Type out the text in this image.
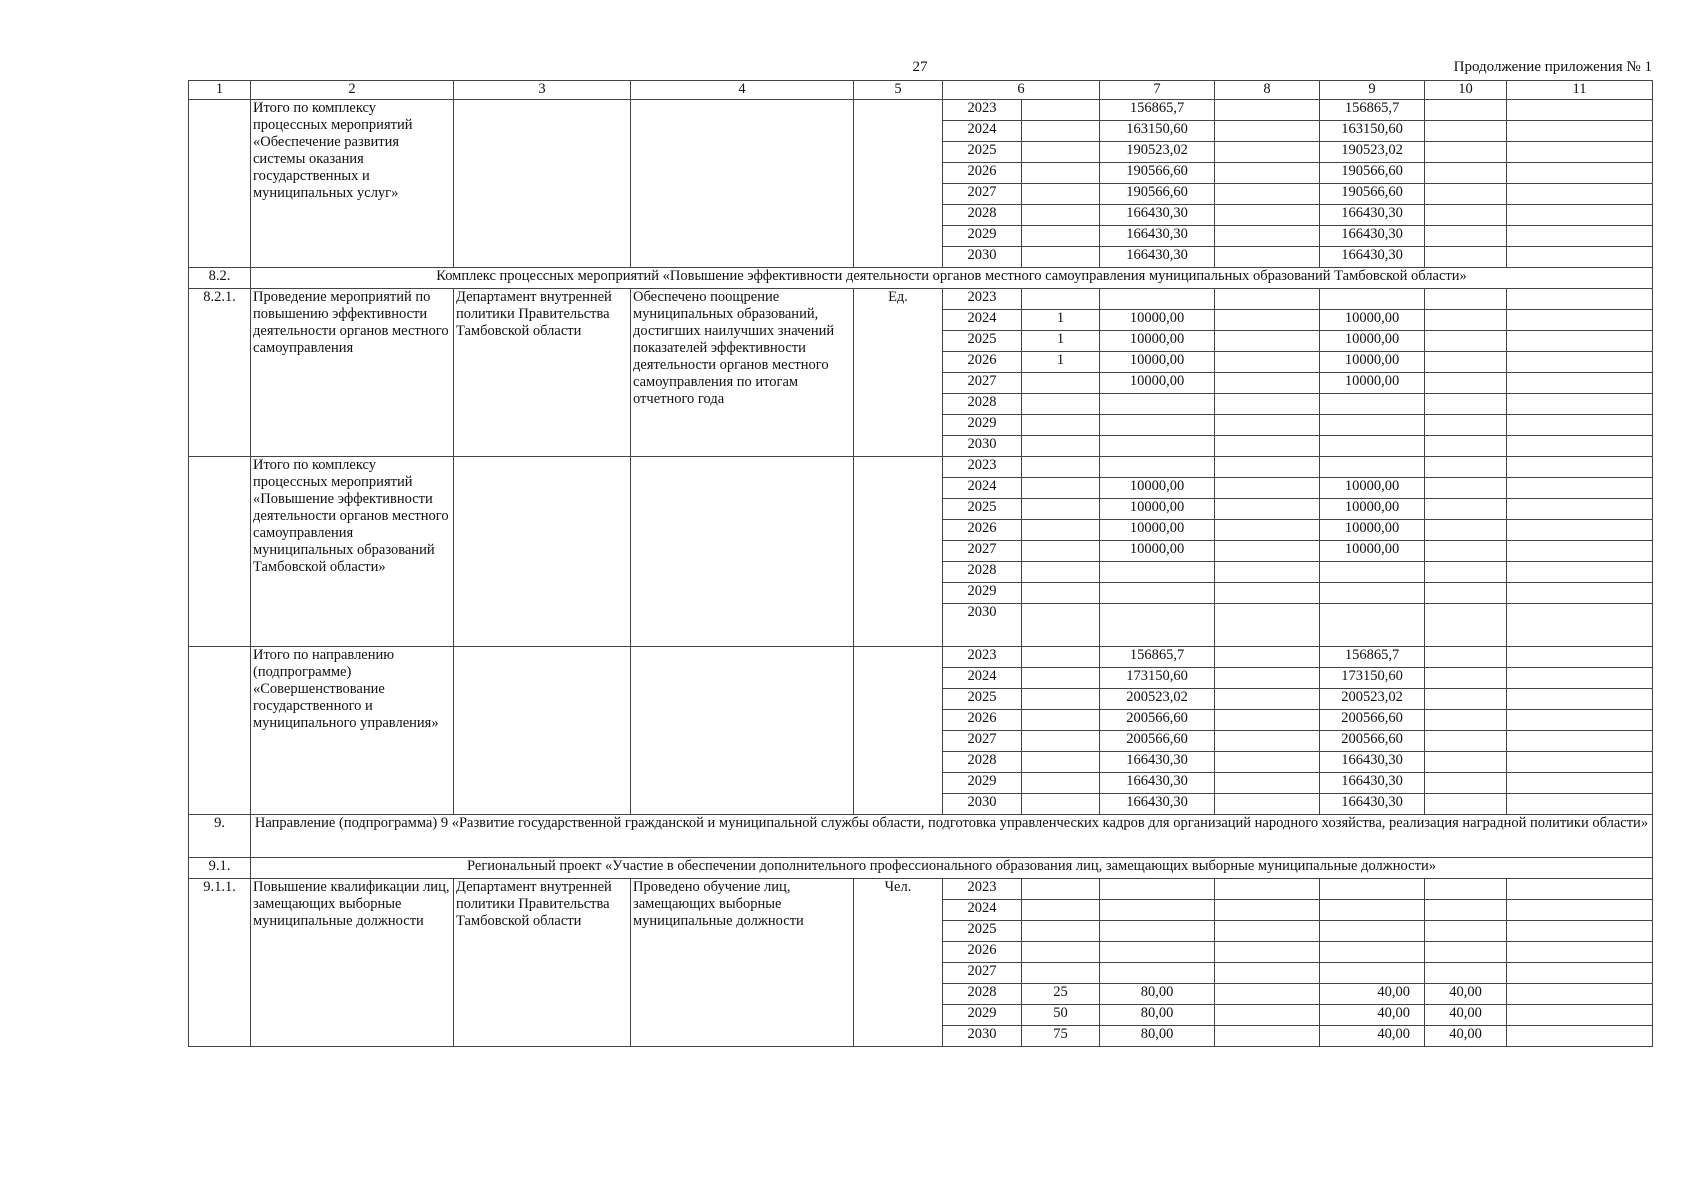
27	Продолжение приложения № 1
1	2	3	4	5	6		7	8	9	10	11
	Итого по комплексу процессных мероприятий «Обеспечение развития системы оказания государственных и муниципальных услуг»				2023		156865,7		156865,7		
					2024		163150,60		163150,60		
					2025		190523,02		190523,02		
					2026		190566,60		190566,60		
					2027		190566,60		190566,60		
					2028		166430,30		166430,30		
					2029		166430,30		166430,30		
					2030		166430,30		166430,30		
8.2.	Комплекс процессных мероприятий «Повышение эффективности деятельности органов местного самоуправления муниципальных образований Тамбовской области»										
8.2.1.	Проведение мероприятий по повышению эффективности деятельности органов местного самоуправления	Департамент внутренней политики Правительства Тамбовской области	Обеспечено поощрение муниципальных образований, достигших наилучших значений показателей эффективности деятельности органов местного самоуправления по итогам отчетного года	Ед.	2023						
					2024	1	10000,00		10000,00		
					2025	1	10000,00		10000,00		
					2026	1	10000,00		10000,00		
					2027		10000,00		10000,00		
					2028						
					2029						
					2030						
	Итого по комплексу процессных мероприятий «Повышение эффективности деятельности органов местного самоуправления муниципальных образований Тамбовской области»				2023						
					2024		10000,00		10000,00		
					2025		10000,00		10000,00		
					2026		10000,00		10000,00		
					2027		10000,00		10000,00		
					2028						
					2029						
					2030						
	Итого по направлению (подпрограмме) «Совершенствование государственного и муниципального управления»				2023		156865,7		156865,7		
					2024		173150,60		173150,60		
					2025		200523,02		200523,02		
					2026		200566,60		200566,60		
					2027		200566,60		200566,60		
					2028		166430,30		166430,30		
					2029		166430,30		166430,30		
					2030		166430,30		166430,30		
9.	Направление (подпрограмма) 9 «Развитие государственной гражданской и муниципальной службы области, подготовка управленческих кадров для организаций народного хозяйства, реализация наградной политики области»										
9.1.	Региональный проект «Участие в обеспечении дополнительного профессионального образования лиц, замещающих выборные муниципальные должности»										
9.1.1.	Повышение квалификации лиц, замещающих выборные муниципальные должности	Департамент внутренней политики Правительства Тамбовской области	Проведено обучение лиц, замещающих выборные муниципальные должности	Чел.	2023						
					2024						
					2025						
					2026						
					2027						
					2028	25	80,00		40,00	40,00	
					2029	50	80,00		40,00	40,00	
					2030	75	80,00		40,00	40,00	
